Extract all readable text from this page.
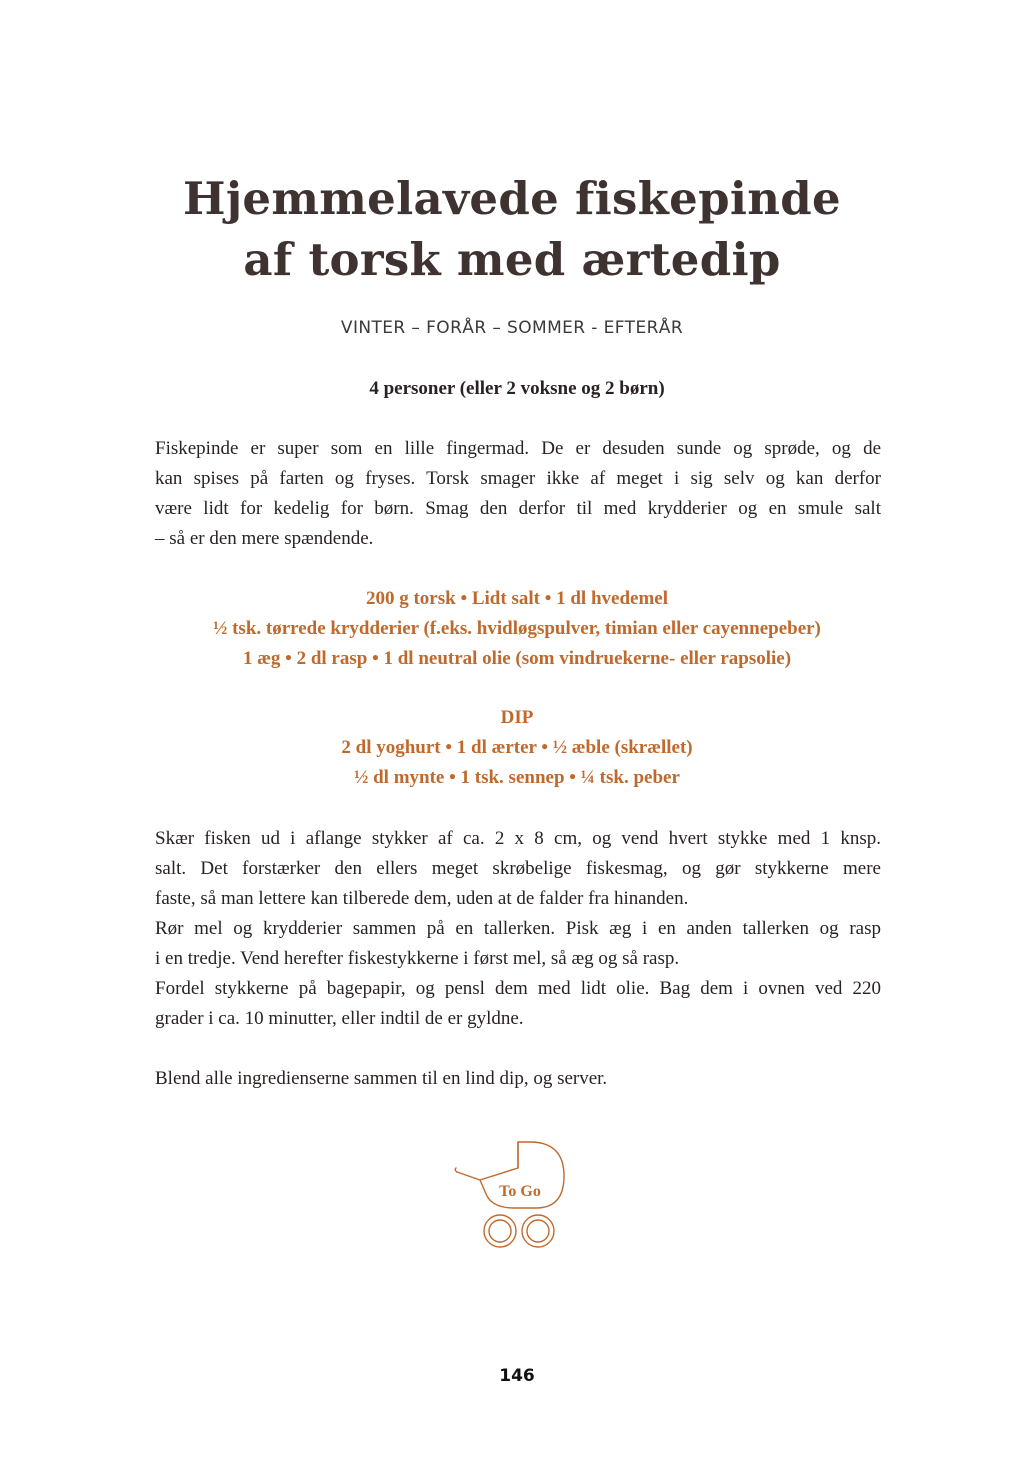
Hjemmelavede fiskepinde
af torsk med ærtedip
VINTER – FORÅR – SOMMER - EFTERÅR
4 personer (eller 2 voksne og 2 børn)
Fiskepinde er super som en lille fingermad. De er desuden sunde og sprøde, og de
kan spises på farten og fryses. Torsk smager ikke af meget i sig selv og kan derfor
være lidt for kedelig for børn. Smag den derfor til med krydderier og en smule salt
– så er den mere spændende.
200 g torsk • Lidt salt • 1 dl hvedemel
½ tsk. tørrede krydderier (f.eks. hvidløgspulver, timian eller cayennepeber)
1 æg • 2 dl rasp • 1 dl neutral olie (som vindruekerne- eller rapsolie)
DIP
2 dl yoghurt • 1 dl ærter • ½ æble (skrællet)
½ dl mynte • 1 tsk. sennep • ¼ tsk. peber
Skær fisken ud i aflange stykker af ca. 2 x 8 cm, og vend hvert stykke med 1 knsp.
salt. Det forstærker den ellers meget skrøbelige fiskesmag, og gør stykkerne mere
faste, så man lettere kan tilberede dem, uden at de falder fra hinanden.
Rør mel og krydderier sammen på en tallerken. Pisk æg i en anden tallerken og rasp
i en tredje. Vend herefter fiskestykkerne i først mel, så æg og så rasp.
Fordel stykkerne på bagepapir, og pensl dem med lidt olie. Bag dem i ovnen ved 220
grader i ca. 10 minutter, eller indtil de er gyldne.
Blend alle ingredienserne sammen til en lind dip, og server.
To Go
146
